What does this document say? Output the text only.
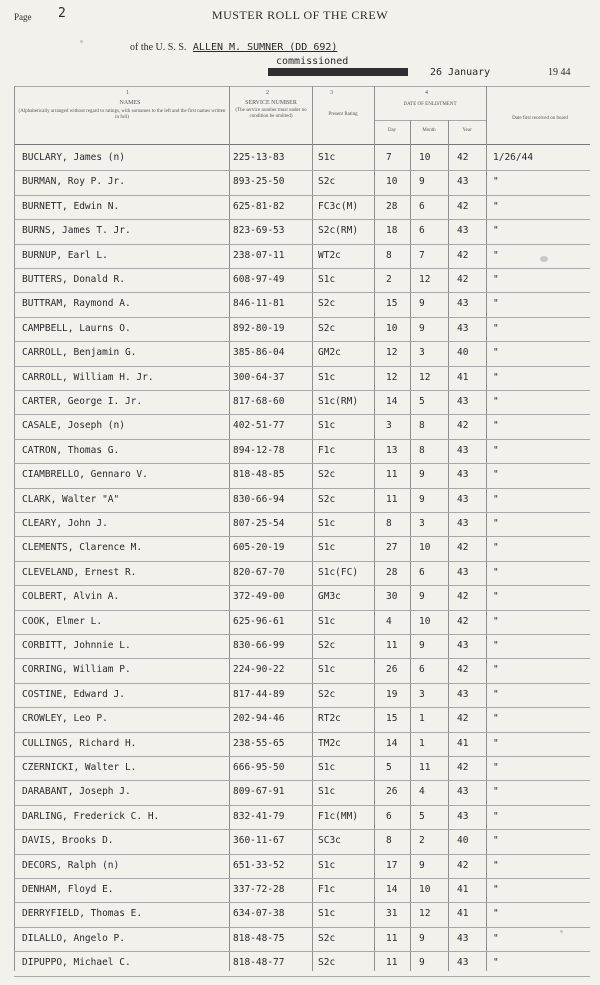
Page 2	MUSTER ROLL OF THE CREW
of the U. S. S. ALLEN M. SUMNER (DD 692)
commissioned
26 January	19 44
1
NAMES
(Alphabetically arranged without regard to ratings, with surnames to the left and the first names written in full)
2
SERVICE NUMBER
(The service number must under no condition be omitted)
3
Present Rating
4
DATE OF ENLISTMENT
Day	Month	Year
Date first received on board
BUCLARY, James (n)	225-13-83	S1c	7	10	42	1/26/44
BURMAN, Roy P. Jr.	893-25-50	S2c	10	9	43	"
BURNETT, Edwin N.	625-81-82	FC3c(M)	28	6	42	"
BURNS, James T. Jr.	823-69-53	S2c(RM)	18	6	43	"
BURNUP, Earl L.	238-07-11	WT2c	8	7	42	"
BUTTERS, Donald R.	608-97-49	S1c	2	12	42	"
BUTTRAM, Raymond A.	846-11-81	S2c	15	9	43	"
CAMPBELL, Laurns O.	892-80-19	S2c	10	9	43	"
CARROLL, Benjamin G.	385-86-04	GM2c	12	3	40	"
CARROLL, William H. Jr.	300-64-37	S1c	12	12	41	"
CARTER, George I. Jr.	817-68-60	S1c(RM)	14	5	43	"
CASALE, Joseph (n)	402-51-77	S1c	3	8	42	"
CATRON, Thomas G.	894-12-78	F1c	13	8	43	"
CIAMBRELLO, Gennaro V.	818-48-85	S2c	11	9	43	"
CLARK, Walter "A"	830-66-94	S2c	11	9	43	"
CLEARY, John J.	807-25-54	S1c	8	3	43	"
CLEMENTS, Clarence M.	605-20-19	S1c	27	10	42	"
CLEVELAND, Ernest R.	820-67-70	S1c(FC)	28	6	43	"
COLBERT, Alvin A.	372-49-00	GM3c	30	9	42	"
COOK, Elmer L.	625-96-61	S1c	4	10	42	"
CORBITT, Johnnie L.	830-66-99	S2c	11	9	43	"
CORRING, William P.	224-90-22	S1c	26	6	42	"
COSTINE, Edward J.	817-44-89	S2c	19	3	43	"
CROWLEY, Leo P.	202-94-46	RT2c	15	1	42	"
CULLINGS, Richard H.	238-55-65	TM2c	14	1	41	"
CZERNICKI, Walter L.	666-95-50	S1c	5	11	42	"
DARABANT, Joseph J.	809-67-91	S1c	26	4	43	"
DARLING, Frederick C. H.	832-41-79	F1c(MM)	6	5	43	"
DAVIS, Brooks D.	360-11-67	SC3c	8	2	40	"
DECORS, Ralph (n)	651-33-52	S1c	17	9	42	"
DENHAM, Floyd E.	337-72-28	F1c	14	10	41	"
DERRYFIELD, Thomas E.	634-07-38	S1c	31	12	41	"
DILALLO, Angelo P.	818-48-75	S2c	11	9	43	"
DIPUPPO, Michael C.	818-48-77	S2c	11	9	43	"
